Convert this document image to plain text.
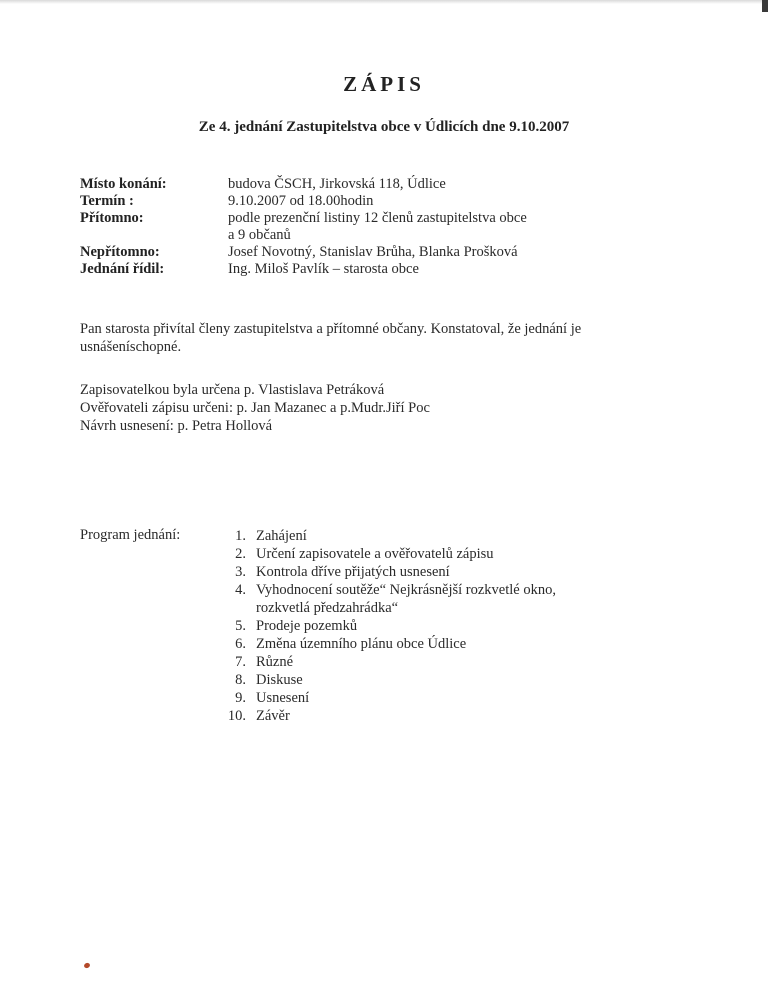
ZÁPIS
Ze 4. jednání Zastupitelstva obce v Údlicích dne 9.10.2007
Místo konání:	budova ČSCH, Jirkovská 118, Údlice
Termín :	9.10.2007 od 18.00hodin
Přítomno:	podle prezenční listiny 12 členů zastupitelstva obce
a 9 občanů
Nepřítomno:	Josef Novotný, Stanislav Brůha, Blanka Prošková
Jednání řídil:	Ing. Miloš Pavlík – starosta obce
Pan starosta přivítal členy zastupitelstva a přítomné občany. Konstatoval, že jednání je
usnášeníschopné.
Zapisovatelkou byla určena p. Vlastislava Petráková
Ověřovateli zápisu určeni: p. Jan Mazanec a p.Mudr.Jiří Poc
Návrh usnesení: p. Petra Hollová
Program jednání:	1. Zahájení
2. Určení zapisovatele a ověřovatelů zápisu
3. Kontrola dříve přijatých usnesení
4. Vyhodnocení soutěže“ Nejkrásnější rozkvetlé okno,
rozkvetlá předzahrádka“
5. Prodeje pozemků
6. Změna územního plánu obce Údlice
7. Různé
8. Diskuse
9. Usnesení
10. Závěr
